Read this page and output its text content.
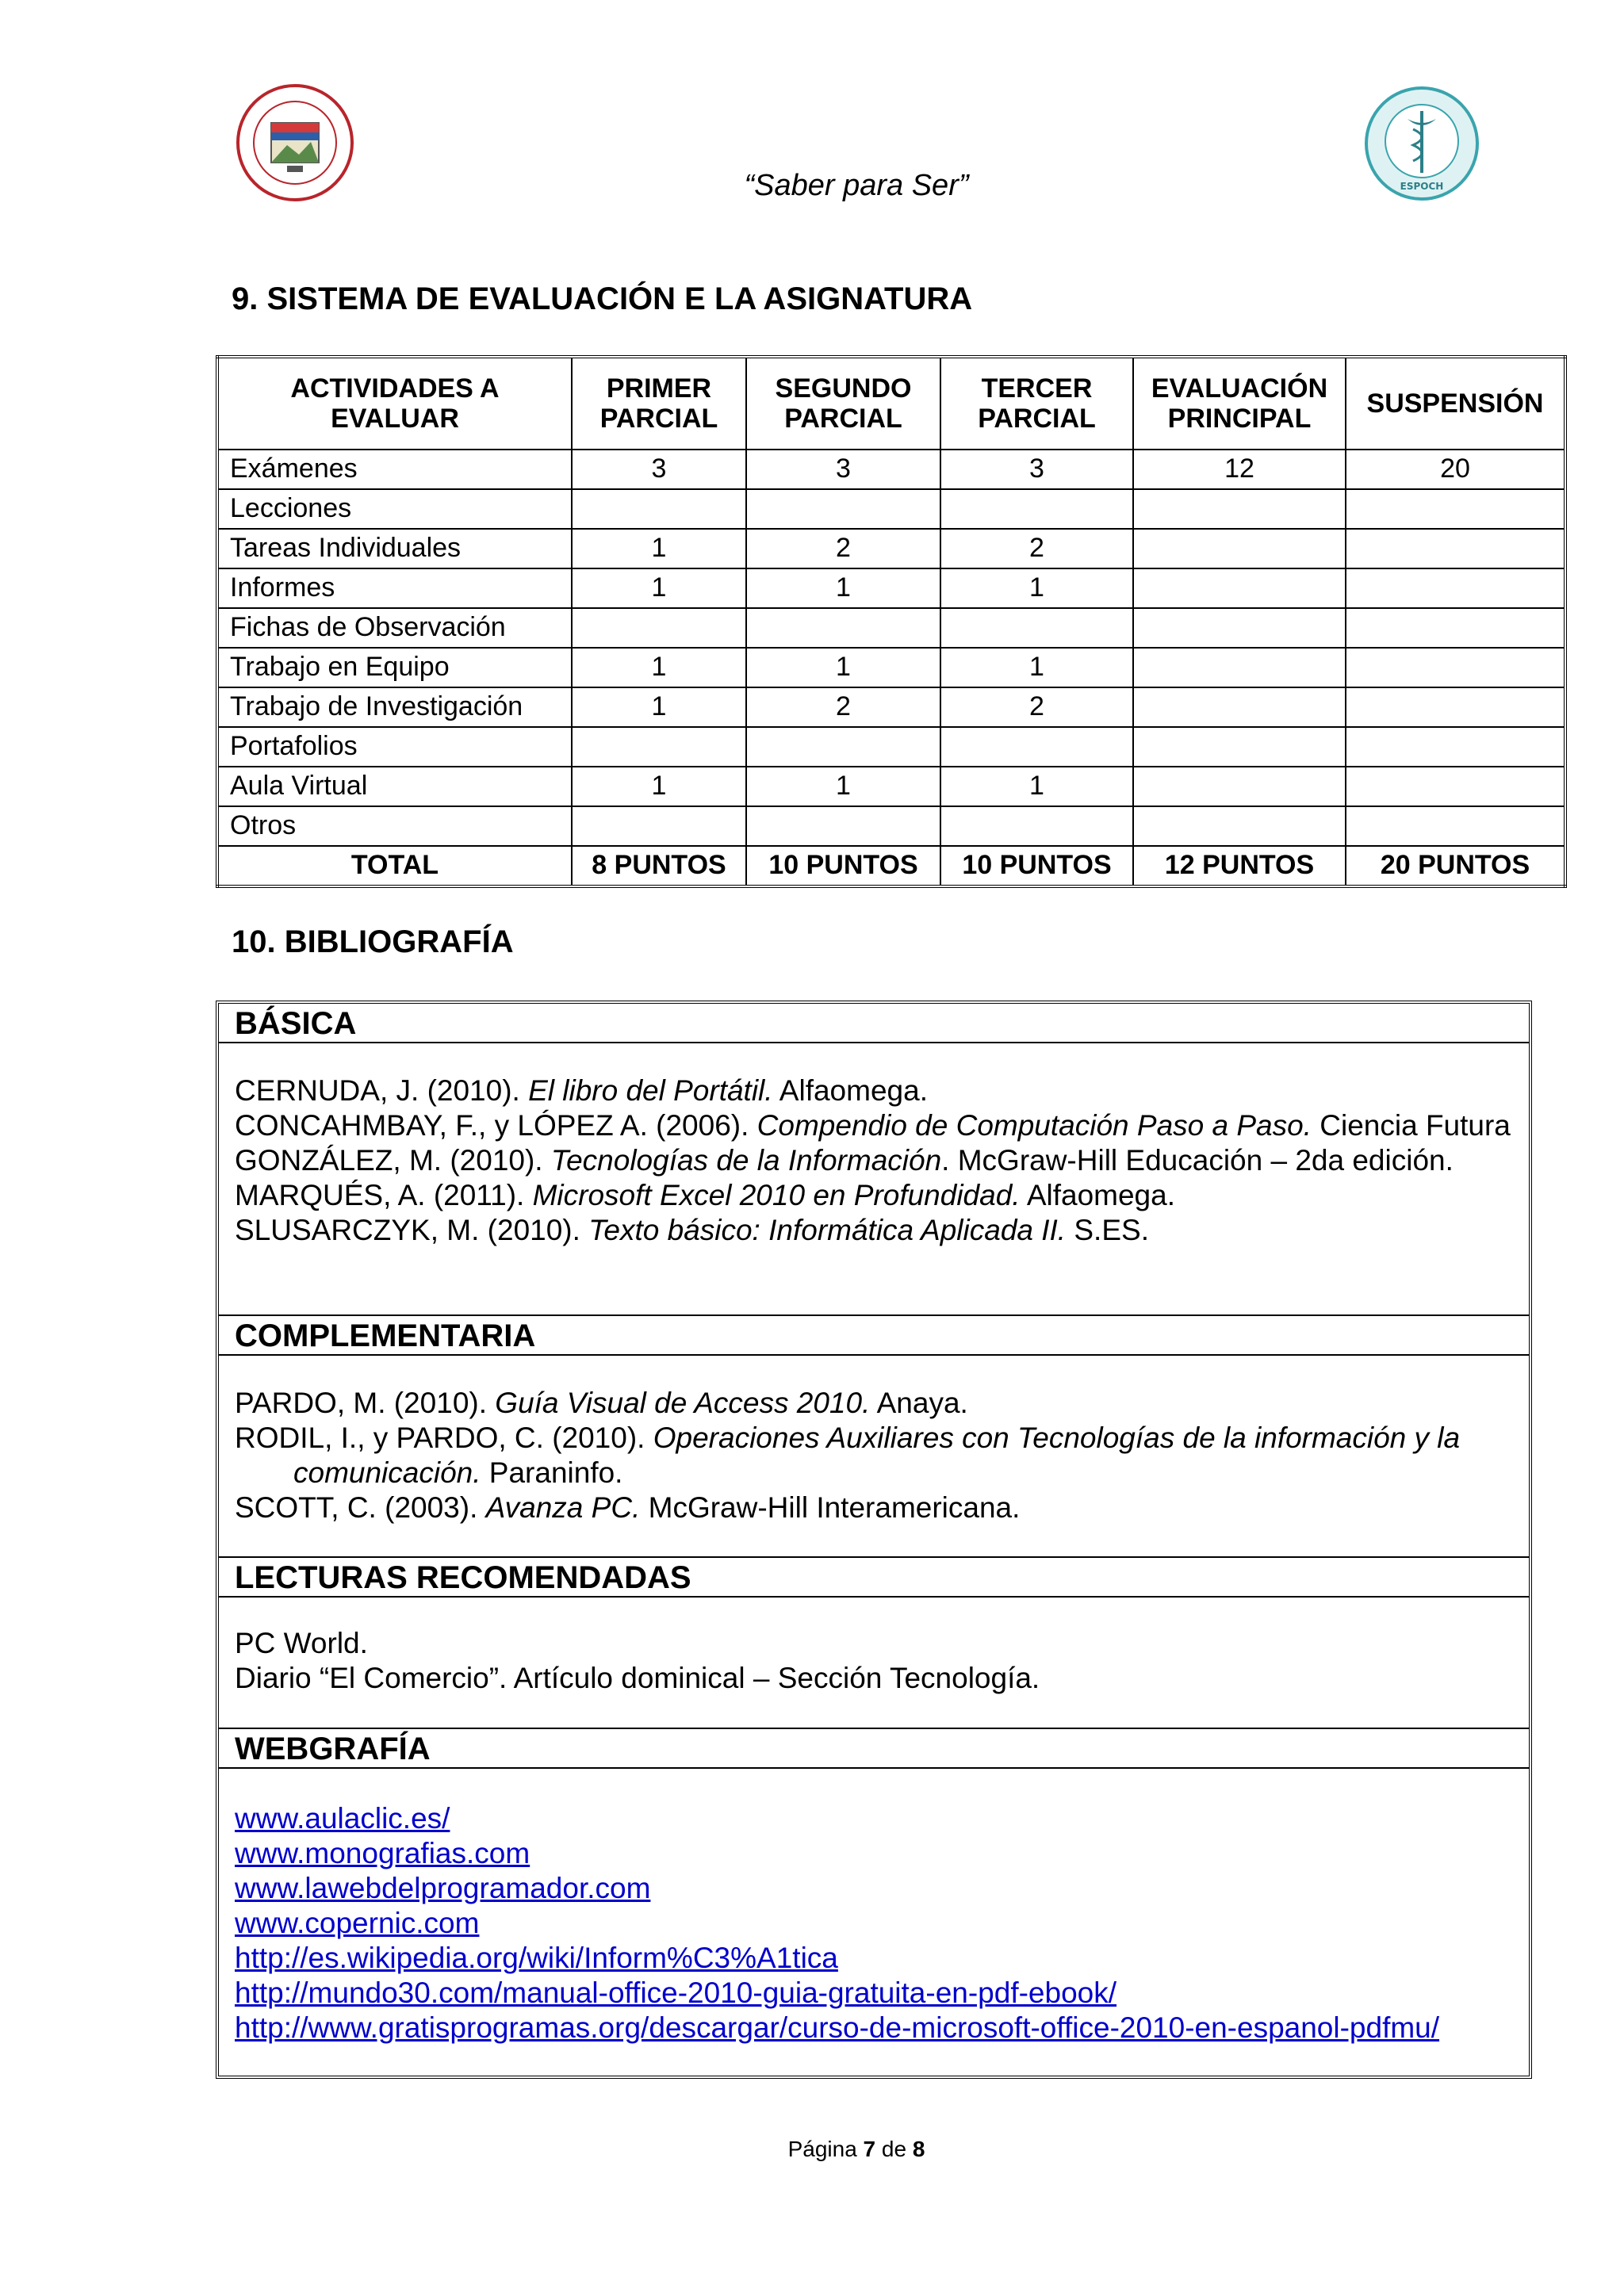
ESPOCH
“Saber para Ser”
9. SISTEMA DE EVALUACIÓN E LA ASIGNATURA
ACTIVIDADES A EVALUAR	PRIMER PARCIAL	SEGUNDO PARCIAL	TERCER PARCIAL	EVALUACIÓN PRINCIPAL	SUSPENSIÓN
Exámenes	3	3	3	12	20
Lecciones					
Tareas Individuales	1	2	2		
Informes	1	1	1		
Fichas de Observación					
Trabajo en Equipo	1	1	1		
Trabajo de Investigación	1	2	2		
Portafolios					
Aula Virtual	1	1	1		
Otros					
TOTAL	8 PUNTOS	10 PUNTOS	10 PUNTOS	12 PUNTOS	20 PUNTOS
10. BIBLIOGRAFÍA
BÁSICA
CERNUDA, J. (2010). El libro del Portátil. Alfaomega.
CONCAHMBAY, F., y LÓPEZ A. (2006). Compendio de Computación Paso a Paso. Ciencia Futura
GONZÁLEZ, M. (2010). Tecnologías de la Información. McGraw-Hill Educación – 2da edición.
MARQUÉS, A. (2011). Microsoft Excel 2010 en Profundidad. Alfaomega.
SLUSARCZYK, M. (2010). Texto básico: Informática Aplicada II. S.ES.
COMPLEMENTARIA
PARDO, M. (2010). Guía Visual de Access 2010. Anaya.
RODIL, I., y PARDO, C. (2010). Operaciones Auxiliares con Tecnologías de la información y la comunicación. Paraninfo.
SCOTT, C. (2003). Avanza PC. McGraw-Hill Interamericana.
LECTURAS RECOMENDADAS
PC World.
Diario “El Comercio”. Artículo dominical – Sección Tecnología.
WEBGRAFÍA
www.aulaclic.es/
www.monografias.com
www.lawebdelprogramador.com
www.copernic.com
http://es.wikipedia.org/wiki/Inform%C3%A1tica
http://mundo30.com/manual-office-2010-guia-gratuita-en-pdf-ebook/
http://www.gratisprogramas.org/descargar/curso-de-microsoft-office-2010-en-espanol-pdfmu/
Página 7 de 8
